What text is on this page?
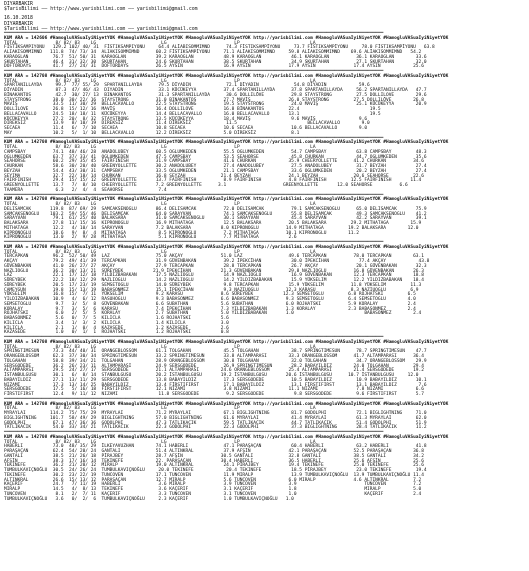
DIYARBAKIR
$TarisBilimi —— http://www.yarisbilimi.com —— yarisbilimi@gmail.com
16.10.2018
DIYARBAKIR
$TarisBilimi —— http://www.yarisbilimi.com —— yarisbilimi@gmail.com
════════════════════════════════════════════════════════════════════════════════════════════════════════════════════════════════════════════
KUM ARA = 142606 #HamogluVASuaIyiNiyetYOK #HamogluVASuaIyiNiyetYOK #HamogluVASuaIyiNiyetYOK http://yarisbilimi.com #HamogluVASuaIyiNiyetYOK #HamogluVASuaIyiNiyetYOK
TOTAL              8/ 82/ 83    LG                        LG                         LP                          LA
FİSTIKSAMPIYONU   129.2 102/ 40/ 31  FİSTIKSAMPIYONU     64.4 ALİABISOMMIMND      74.3 FİSTIKSAMPİYONU     73.7 FİSTIKSAMPİYONU     78.0 FİSTIKSAMPİYONU   63.8
ALIAKISOMMIMND   111.8  74/ 73/ 34  ALIAKISOMMIMND      60.2 FİSTIKSAMPİYONU     71.1 ALİAKISOMMIMND     59.8 ALİAKISOMMIMND    69.6 ALİAKISOMMIMND   54.2
KARAOGLAN         76.7  51/ 50/ 31  KARAOGLAN           39.2 KARAOGLAN           48.9 KARAOGLAN           46.1 KARAOGLAN          36.1 KARAOGLAN        33.6
SKURTAHAN         46.4  31/ 32/ 30  SKURTAHAN           24.6 SKURTAHAN           38.5 SKURTAHAN           34.9 SKURTAHAN          27.1 SKURTAHAN        32.0
DOFTORDAYS        41.7  27/ 24/ 31  DOFTORDAYS          26.5 AYSIN               16.9 AYSİN              17.9 AYSIN              17.4 AYSIN            25.6
════════════════════════════════════════════════════════════════════════════════════════════════════════════════════════════════════════════
KUM ARA = 142708 #HamogluVASuaIyiNiyetYOK #HamogluVASuaIyiNiyetYOK #HamogluVASuaIyiNiyetYOK http://yarisbilimi.com #HamogluVASuaIyiNiyetYOK #HamogluVASuaIyiNiyetYOK
TOTAL              8/ 82/ 83    LG                        LG                         LP                          LA
SPARTANILLAYDA     99.7  77/ 55/ 29  SPARTANILLAYDA      79.5 DİYADIN             72.1 DİYADIN             54.8 DİYADIN            59.6
DİYADIN            87.3  47/ 46/ 43  DIYADIN             33.1 KÜCÜKEYYA          37.4 SPARTANILLAYDA      37.8 SPARTANILLAYDA     56.2 SPARTANILLAYDA   47.7
BİNAKANTOS         42.7  30/ 27/ 13  BINAKANTOS          31.3 SPARTANILLAYDA      30.6 DOLLILÖVE          29.8 STAYSTRONG         27.5 DOLLILOVE        29.6
STAYSTRONG        38.0  30/ 22/ 16  STAYSTRONG          31.0 BINAKANTOS          27.7 MAVİŞ              26.0 STAYSTRONG         27.5 DOLLILÖVE        26.8
MAVİŞ             33.5  11/ 30/ 29  BELLACAVALLO        22.5 STAYSTRONG          19.5 STAYSTRONG          24.0 MAVIŞ              25.1 KÜCÜKEYYA        20.9
DOLLILOVE         26.8  15/ 12/ 16  MAVİŞ               16.4 DOLLILOVE           16.8 BİNAKANTOS         22.4                          19.5
BELLACAVALLO      24.5  18/ 18/ 11  KÜCÜKEYYA           14.4 BELLACAVALLO        16.0 BELLACAVALLO       13.1                          19.5
KÜCÜKEYYA         27.2  20/  8/ 32  STAYSTRONG          13.5 KÜCÜKEYYA           18.4 MAVİŞ               9.6 MAVİŞ                9.6
DIREKSIZ          13.9   8/ 10/ 19  DIREKSİZ            11.4 DİREKSİZ             11.5                          BELLACAVALLO        9.0
SECAEA            11.4   6/  7/ 10  SECAEA              10.8 SECAEA              10.6 SECAEA              10.6 BELLACAVALLO        9.0
MAY               10.2   5/  1/ 10  BELLACAVALLO        12.2 DİREKSİZ            5.0 DİREKSİZ             8.1
════════════════════════════════════════════════════════════════════════════════════════════════════════════════════════════════════════════
KUM ARA = 142708 #HamogluVASuaIyiNiyetYOK #HamogluVASuaIyiNiyetYOK #HamogluVASuaIyiNiyetYOK http://yarisbilimi.com #HamogluVASuaIyiNiyetYOK #HamogluVASuaIyiNiyetYOK
TOTAL              8/ 82/ 83    LG                        LG                         LP                          LA
CAMPSBAY          74.1  48/ 46/ 28  ANADOLUBEY          60.5 OGLUMKEDEN          55.5 OGLUMKEDEN          54.7 CAMPSBAY           63.8 CAMPSBAY         48.3
OGLUMKEDEN        63.7  37/ 33/ 41  OGLUMKEDEN          47.5 CAMPSBAY            53.5 SEAHORSE            45.8 CHURKAN            44.7 OGLUMKEDEN       35.6
SEAHORSE          60.2  29/ 35/ 45  FAIRFINISH          31.9 CAMPSBAY            41.6 CHURKAN            35.9 CHEERYOLLETTE      41.2 CHURKAN          34.6
CHURKAN           58.6  30/ 20/ 40  GREENYOLLETTE       30.2 ANADOLUBEY          27.4 ANADOLUBEY          27.5 ANADOLUBEY         31.7 BEYZAH           27.4
BEYZAH            54.4  43/ 30/ 31  CAMPSBAY            33.5 OGLUMKEDEN          21.1 CAMPSBAY            33.6 OGLUMKEDEN         20.2 BEYZAH           27.4
SEYIMA            32.7  22/ 18/ 14  CHURKAN             16.8 SEYZAH             21.4 BEYZAH              24.1 BEYZAH             20.6 SEAHORSE         22.6
FAIRFINISH        29.4  15/ 15/ 12  GREENYOLLETTE       13.7 FAIRFINISH          8.9 FAIRFINISH          4.8 FAIRFINISH         12.5 FAIRFINISH       11.4
GREENYOLLETTE     13.7   7/  8/ 10  CHEERYOLLETTE       7.2 GREENYOLLETTE      3.1                     GREENYOLLETTE       12.0 SEAHORSE          6.6
TAAMERA            6.3   2/  4/  4  SEAHORSE             7.4
════════════════════════════════════════════════════════════════════════════════════════════════════════════════════════════════════════════
KUM ARA = 142708 #HamogluVASuaIyiNiyetYOK #HamogluVASuaIyiNiyetYOK #HamogluVASuaIyiNiyetYOK http://yarisbilimi.com #HamogluVASuaIyiNiyetYOK #HamogluVASuaIyiNiyetYOK
TOTAL              8/ 82/ 83    LG                        LG                         LP                          LA
DELISAMCAK       119.8  87/ 69/ 29  SAMCAKSENOGLU       86.4 DELISAMCAK          72.0 DELISAMCAK          79.1 SAMCAKSENOGLU      65.0 DELISAMCAK       75.9
SAMCAKSENOGLU    103.2  59/ 55/ 46  DELISAMCAK          64.0 SARAYVAN            74.1 SAMCAKSENOGLU       55.8 DELISAMCAK         49.3 SAMCAKSENOGLU    41.2
SARAYVAN          79.1  61/ 25/ 40  BALAKSARA           31.0 SAMCAKSENOGLU       30.1 SARAYVAN            45.4 SARAYVAN           42.2 SARAYVAN         39.1
BALAKSARA         27.8  11/ 15/ 16  KIPRONOGLU          16.9 MITHATAGA           12.5 BALAKSARA          20.5 BALAKSARA         29.2 MITHATAGA        15.9
MITHATAGA         12.2   4/ 10/ 14  SARAYVAN            7.2 BALAKSARA           8.0 KIPRONOGLU          14.9 MITHATAGA         19.2 BALAKSARA        12.0
KIPRONOGLU        18.6   9/  8/  4  MITHATAGA            8.5 KIPRONOGLU          7.2 MITHATAGA          10.1 KIPRONOGLU        11.2
KIPRONOGLU        13.0   2/  9/ 28  MITHATAGA            5.1 KIPRONOGLU          7.7 MITHATAGA           2.6
════════════════════════════════════════════════════════════════════════════════════════════════════════════════════════════════════════════
KUM ARA = 142708 #HamogluVASuaIyiNiyetYOK #HamogluVASuaIyiNiyetYOK #HamogluVASuaIyiNiyetYOK http://yarisbilimi.com #HamogluVASuaIyiNiyetYOK #HamogluVASuaIyiNiyetYOK
TOTAL              8/ 82/ 83    LG                        LG                         LP                          LA
TERCAPKAN         96.2  52/ 50/ 49  LAZ                 75.0 AKÇAY              51.0 LAZ                 49.6 TERCAPKAN          78.0 TERCAPKAN        63.1
AKÇAY             79.2  49/ 41/ 39  TERCAPKAN           31.9 GÜVENBAKAN          39.2 İPEKCİHAN           30.0 İPEKCİHAN           77.4 AKÇAY            43.8
GÜVENBAKAN        41.0  26/ 27/ 27  AKÇAY               27.9 TERCAPKAN           28.8 TERCAPKAN           26.7 AKÇAY              20.1 GÜVENBAKAN       32.3
NAZLIOGLU         36.2  30/ 13/ 21  SÜREYBEK           21.9 İPEKCİHAN           21.3 GÜVENBAKAN          29.8 NAZLIOGLU          16.8 GÜVENBAKAN       26.3
LAZ               22.1  17/ 12/ 18  YILDIZBABAKAN       17.5 NAZLIOGLU           14.9 NAZLIOGLU           16.9 GÜVENBAKAN        12.3 TERCAPKAN        18.8
SÜREYBEK          22.2  18/ 12/ 29  NAZLIOGLU           14.2 NAZLIOGLU           14.2 YILDIZBABAKAN       15.9 YÜKSELIM          12.2 YILDIZBABAKAN    18.4
SÜREYBEK          20.5  17/ 23/ 19  SEMSETOGLU          14.0 SÜREYBEK            9.8 TERCAPKAN           15.9 YÜKSELIM          11.8 YÜKSELIM         11.3
CAMEYGUN          19.8  15/ 13/ 19  BABASONMEZ          15.1 İPEKCİHAN           9.3 NAZIUOGLU          12.3 KARASU             8.3 NAZIUOGLU         6.9
YÜKSELIM          16.8  15/  7/ 11  YÜKSELIM            9.2 KARASU              8.6 SÜREYBEK           12.3 SEMSETOGLU         6.8 ROJHATSKI         6.5
YILDIZBABAKAN     10.9   4/  6/ 12  RASUHOGLU           9.3 BABASONMEZ          6.6 BABASONMEZ          9.3 SEMSETOGLU         6.4 SEMSETOGLU        4.0
SEMSETOGLU         9.7   3/  5/  8  GÜVENBAKAN          6.6 SUBATHAN            5.6 SUBATHAN            6.0 ROJHATSKI          5.9 KORALAY           2.4
KORALAY            9.7   3/  5/  6  KARASU              7.4 İPEKCİHAN           7.3 YILDIZBABAKAN       1.3 KORALAY            2.3 BABASONMEZ        2.4
ROJHATSKI          6.0   2/  5/  5  KORALAY             2.7 SUBATHAN            5.0 YILDIZBABAKAN       1.0                          BABASONMEZ        2.4
BABASONMEZ         5.6   0/  7/  5  KILICLA             1.6 ROJHATSKI           5.6
KILICLA            3.4   1/  3/  2  KILICLA             1.4 KILICLA             3.0
KILICLA            2.1   1/  0/  4  KAZASEDE            1.2 KAZASEDE            2.6
KAZASEDE           1.0   0/  1/  1  ROJHATSKI           1.2 ROJHATSKI           0.8
════════════════════════════════════════════════════════════════════════════════════════════════════════════════════════════════════════════
KUM ARA = 142708 #HamogluVASuaIyiNiyetYOK #HamogluVASuaIyiNiyetYOK #HamogluVASuaIyiNiyetYOK http://yarisbilimi.com #HamogluVASuaIyiNiyetYOK #HamogluVASuaIyiNiyetYOK
TOTAL              8/ 82/ 83    LG                        LG                         LP                          LA
SPRINGTIMESUN     73.3  44/ 40/ 31  ORANGEBLOSSOM       61.1 TOLGAHAN            45.5 TOLGAHAN            38.7 SPRINGTIMESUN      78.7 SPRINGTIMESUN    47.7
ORANGEBLOSSOM     62.3  37/ 30/ 34  SPRINGTIMESUN       33.2 SPRINGTIMESUN       33.8 ALTAMPARASI        33.3 ORANGEBLOSSOM      41.7 ALTAMPARASI      36.4
TOLGAHAN          58.8  39/ 34/ 21  TOLGAHAN            28.9 ORANGEBLOSSOM       30.8 TOLGAHAN            32.0 TOLGAHAN           34.7 ORANGEBLOSSOM    29.9
SERSGODEDE        36.2  26/ 23/ 11  ALTAMPARASI         24.9 SERSGODEDE          26.9 SPRINGTIMESUN       28.2 BABAYILDIZ        24.0 TOLGAHAN         29.4
ALTAMPARASI       29.5  24/ 27/ 17  SERSGODEDE          21.1 ALTAMPARASI        24.6 ORANGEBLOSSOM       25.4 ALTAMPARASI        21.4 SERSGODEDE       19.2
İSTANBULGUSU      30.1   6/  8/ 14  STANBULGUSU         20.2 İSTANBULGUSU       19.2 İSTANBULGUSU       20.6 İSTANBULGUSU      10.7 İSTANBULGUSU     12.0
BABAYILDIZ        27.1  13/ 11/ 29  SERSGODEDE          13.8 BABAYILDIZ          17.3 SERSGODEDE          10.5 BABAYILDIZ         10.9 BABAYILDIZ       10.1
NIZAMI            17.3  13/ 14/ 25  BABAYILDIZ          13.4 FİRSTIFIRST         17.1 BABAYILDIZ          13.1 FİRSTIFIRST        13.1 BABAYILDIZ        7.6
SERSGODEDE        17.5   5/ 16/ 18  FİRSTIFIRST         12.1 NIZAMI              3.8 NIZAMI              11.1 NIZAMI              7.8 NIZAMI            6.6
FİRSTIFIRST       12.4   9/ 11/ 12  NIZAMI               11.8 SERSGODEDE          9.2 SERSGODEDE           9.8 SERSGODEDE         9.6 FİRSTIFIRST       5.7
════════════════════════════════════════════════════════════════════════════════════════════════════════════════════════════════════════════
KUM ARA = 142708 #HamogluVASuaIyiNiyetYOK #HamogluVASuaIyiNiyetYOK #HamogluVASuaIyiNiyetYOK http://yarisbilimi.com #HamogluVASuaIyiNiyetYOK #HamogluVASuaIyiNiyetYOK
TOTAL              8/ 82/ 83    LG                        LG                         LP                          LA
MYRAYLAI         114.2  75/ 75/ 29  MYRAYLAI            71.2 MYRAYLAI            67.1 BIGLIGHTNING        81.7 GODOLPHI           72.1 BIGLIGHTNING     71.0
BIGLIGHTNING     101.7  58/ 49/ 29  BIGLIGHTNING        57.0 BIGLIGHTNING        61.6 MYRAYLAI            41.4 MYRAYLAI           61.3 MYRAYLAI         62.0
GODOLPHI          67.1  47/ 36/ 36  GODOLPHI            47.3 TATLIKACIK          59.5 TATLIKACIK          44.7 TATLIKACIK         51.4 GODOLPHI         51.9
TATLIKACIK        54.0  33/ 34/ 21  TATLIKACIK          22.3 GODOLPHI            22.3 GODOLPHI            37.3 BIGLIGHTNING       28.4 TATLIKACIK       11.2
════════════════════════════════════════════════════════════════════════════════════════════════════════════════════════════════════════════
KUM ARA = 142708 #HamogluVASuaIyiNiyetYOK #HamogluVASuaIyiNiyetYOK #HamogluVASuaIyiNiyetYOK http://yarisbilimi.com #HamogluVASuaIyiNiyetYOK #HamogluVASuaIyiNiyetYOK
TOTAL              8/ 82/ 83    LG                        LG                         LP                          LA
HABERLI           73.0  48/ 35/ 29  İLKEYAVUZHAN        74.1 HABERLI             47.1 PARAŞAÇAN           60.4 HABERLI            63.2 HABERLI          41.8
PARAŞAÇAN         62.4  54/ 20/ 24  GANTALI             51.4 ALTINKRAL           37.9 AFŞİN              42.1 PARAŞAÇAN          52.5 PARAŞAÇAN        36.8
GANTALI           38.5  21/ 26/ 18  PİRAJBEY            28.7 AFŞİN              30.5 GANTALI             32.8 GANTALI            38.5 GANTALI          34.2
AFŞİN             38.3  17/ 16/ 14  TEKINEFE            22. PARAŞAÇAN           30.4 HABERLI             36.5 HABERLI            25.6 AFŞİN            25.6
TEKINEFE          36.2  21/ 20/ 12  MIRALP              19.0 ALTINKRAL           24.1 PİRAJBEY           19.4 TEKINEFE           25.0 TEKINEFE         25.6
TUMBULKAVIÇNOĞLU  30.5  24/ 26/ 24  TUMBULKAVIÇNOĞLU     20.0 TEKINEFE            20.4 TEKINEFE           18.5 PİRAJBEY           23.0 TEKINEFE         19.4
TEKINEFE          30.2  23/ 22/ 19  TUNCOVEN            17.1 TUNCOVEN            11.9 MIRALP              13.9 TUMBULKAVIÇNOĞLU  13.9 TUMBULKAVIÇNOĞLU 11.4
ALTINKRAL         26.6  15/ 13/ 12  PARAŞAÇAN           12.7 MIRALP              5.6 TUNCOVEN            6.0 MIRALP              4.6 ALTINKRAL         7.2
KAÇERIF           24.7   7/ 11/ 19  HABERLI              3.6 MIRALP              3.9 TUNCOVEN            3.9                         TUNCOVEN          7.2
MIRALP            14.5   4/  8/ 13  TEKINEFE             3.6 KAÇERIF             3.1 KAÇERIF             1.8                         MIRALP            5.0
TUNCOVEN           8.1   2/  7/ 11  KAÇERIF              3.3 TUNCOVEN            3.1 TUNCOVEN            1.0                         KAÇERIF           2.4
TUMBULKAVIÇNOĞLU   3.6   0/  2/  6  TUMBULKAVIÇNOĞLU     2.3 KAÇERIF             1.0 TUMBULKAVIÇNOĞLU   1.0
